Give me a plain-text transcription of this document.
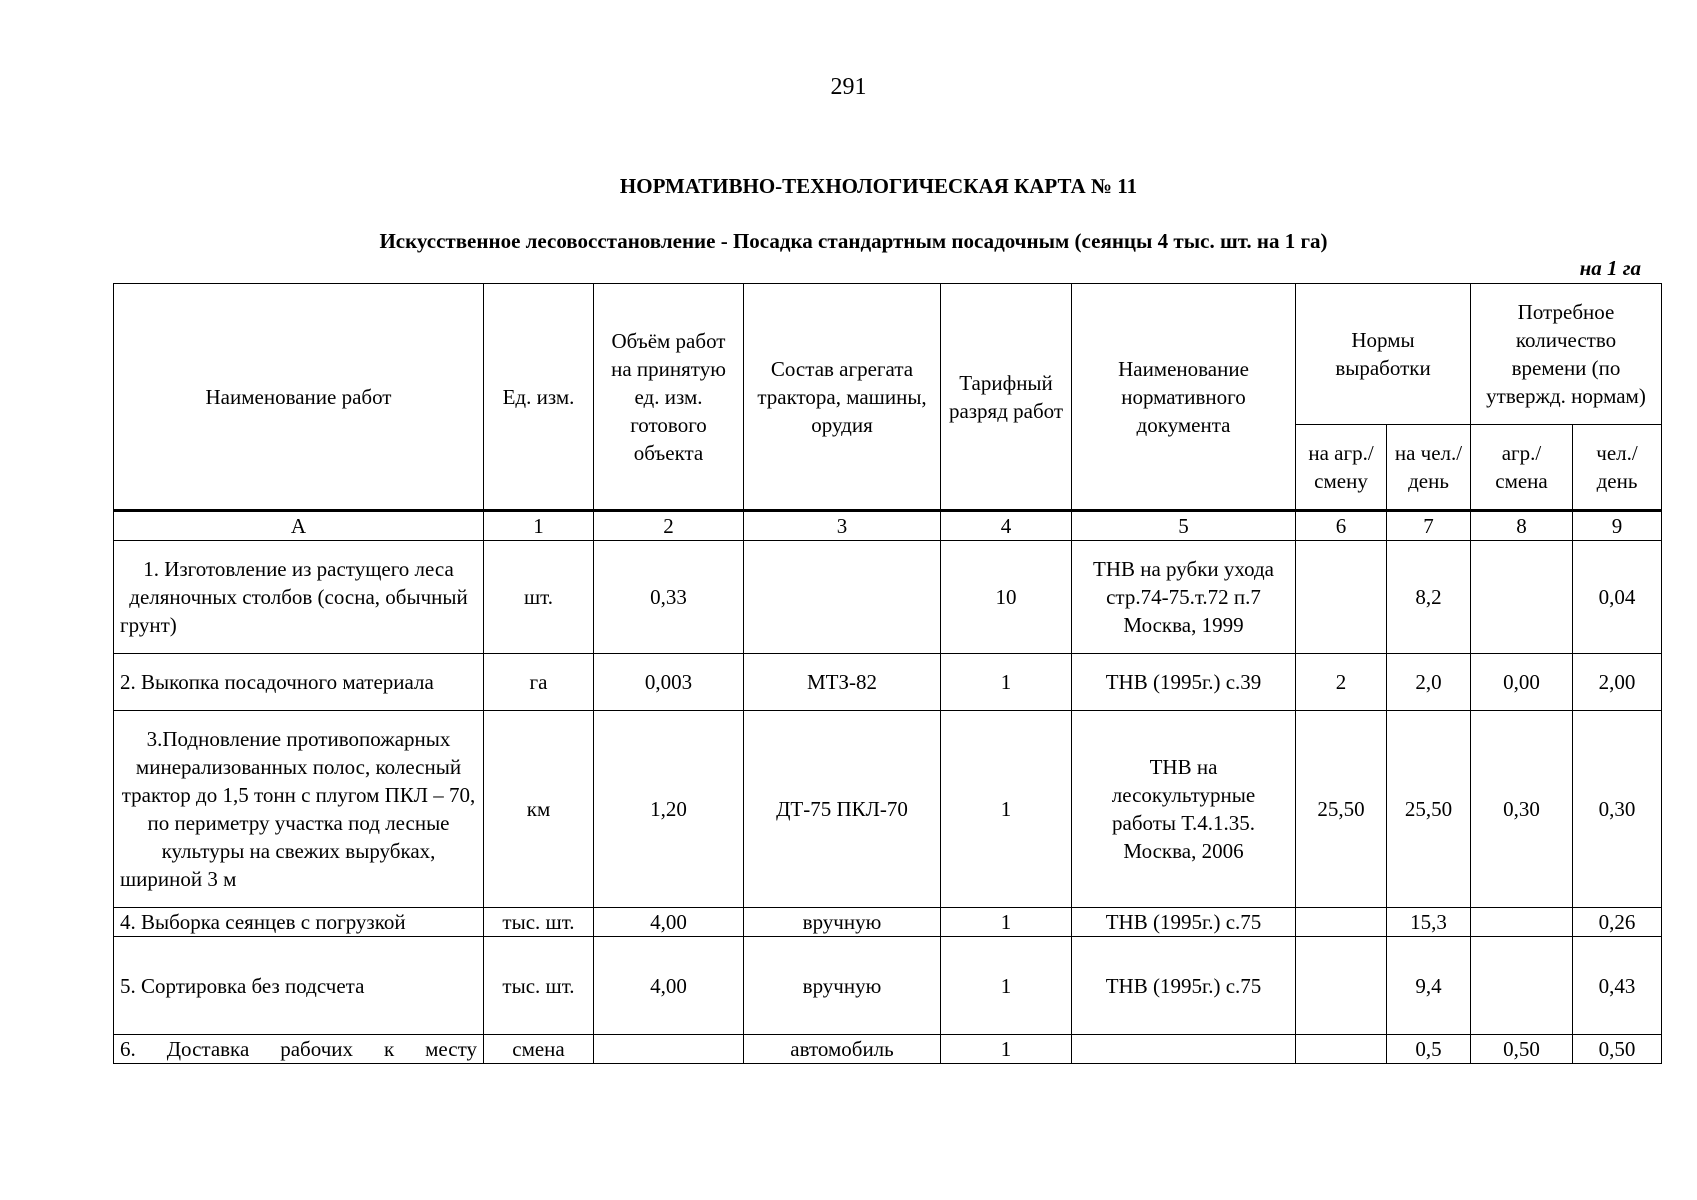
291
НОРМАТИВНО-ТЕХНОЛОГИЧЕСКАЯ КАРТА № 11
Искусственное лесовосстановление - Посадка стандартным посадочным (сеянцы 4 тыс. шт. на 1 га)
на 1 га
Наименование работ	Ед. изм.	Объём работ на принятую ед. изм. готового объекта	Состав агрегата трактора, машины, орудия	Тарифный разряд работ	Наименование нормативного документа	Нормы выработки		Потребное количество времени (по утвержд. нормам)	
						на агр./ смену	на чел./ день	агр./ смена	чел./ день
А	1	2	3	4	5	6	7	8	9
1. Изготовление из растущего леса деляночных столбов (сосна, обычный грунт)	шт.	0,33		10	ТНВ на рубки ухода стр.74-75.т.72 п.7 Москва, 1999		8,2		0,04
2. Выкопка посадочного материала	га	0,003	МТЗ-82	1	ТНВ (1995г.) с.39	2	2,0	0,00	2,00
3.Подновление противопожарных минерализованных полос, колесный трактор до 1,5 тонн с плугом ПКЛ – 70, по периметру участка под лесные культуры на свежих вырубках, шириной 3 м	км	1,20	ДТ-75 ПКЛ-70	1	ТНВ на лесокультурные работы Т.4.1.35. Москва, 2006	25,50	25,50	0,30	0,30
4. Выборка сеянцев с погрузкой	тыс. шт.	4,00	вручную	1	ТНВ (1995г.) с.75		15,3		0,26
5. Сортировка без подсчета	тыс. шт.	4,00	вручную	1	ТНВ (1995г.) с.75		9,4		0,43
6. Доставка рабочих к месту	смена		автомобиль	1			0,5	0,50	0,50
